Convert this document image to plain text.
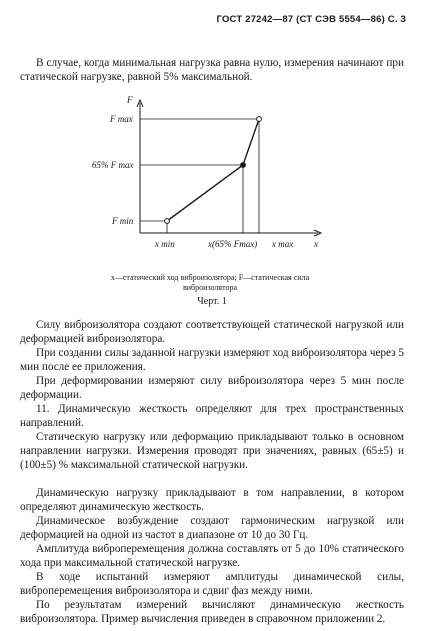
ГОСТ 27242—87 (СТ СЭВ 5554—86) С. 3
В случае, когда минимальная нагрузка равна нулю, измерения начинают при статической нагрузке, равной 5% максимальной.
F
x
F max
65% F max
F min
x min	x(65% Fmax) x max
x—статический ход виброизолятора; F—статическая сила
виброизолятора
Черт. 1
Силу виброизолятора создают соответствующей статической нагрузкой или деформацией виброизолятора.
При создании силы заданной нагрузки измеряют ход виброизолятора через 5 мин после ее приложения.
При деформировании измеряют силу виброизолятора через 5 мин после деформации.
11. Динамическую жесткость определяют для трех пространственных направлений.
Статическую нагрузку или деформацию прикладывают только в основном направлении нагрузки. Измерения проводят при значениях, равных (65±5) и (100±5) % максимальной статической нагрузки.
Динамическую нагрузку прикладывают в том направлении, в котором определяют динамическую жесткость.
Динамическое возбуждение создают гармоническим нагрузкой или деформацией на одной из частот в диапазоне от 10 до 30 Гц.
Амплитуда виброперемещения должна составлять от 5 до 10% статического хода при максимальной статической нагрузке.
В ходе испытаний измеряют амплитуды динамической силы, виброперемещения виброизолятора и сдвиг фаз между ними.
По результатам измерений вычисляют динамическую жесткость виброизолятора. Пример вычисления приведен в справочном приложении 2.
